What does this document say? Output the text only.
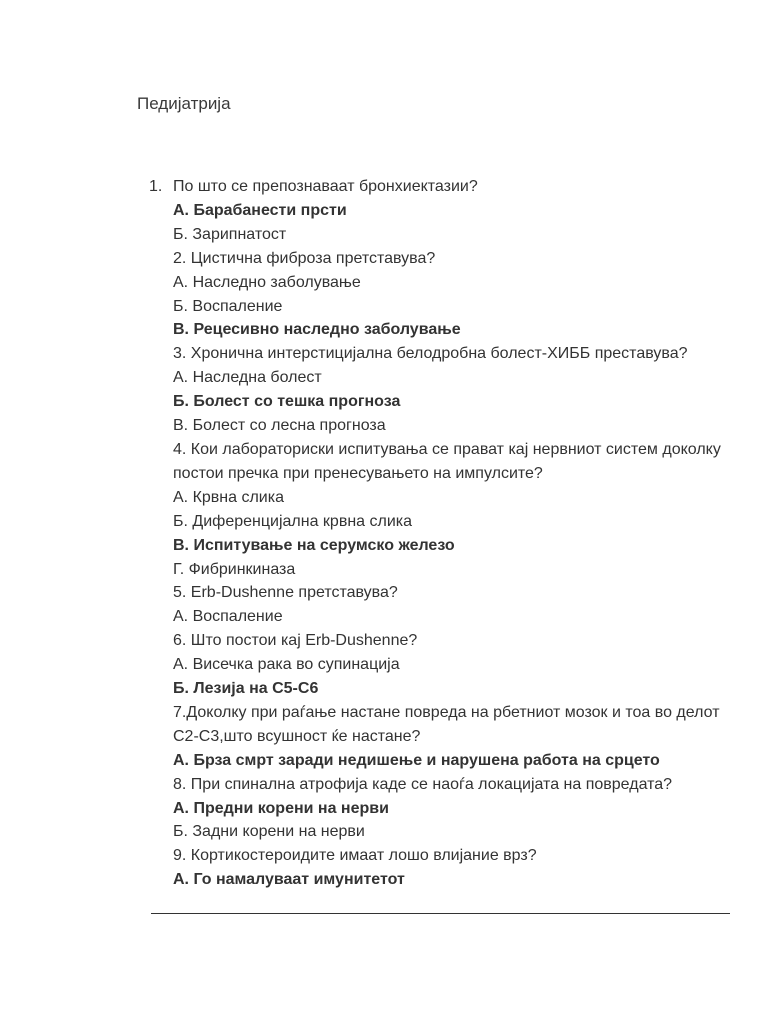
Педијатрија
1. По што се препознаваат бронхиектазии?
А. Барабанести прсти
Б. Зарипнатост
2. Цистична фиброза претставува?
А. Наследно заболување
Б. Воспаление
В. Рецесивно наследно заболување
3. Хронична интерстицијална белодробна болест-ХИББ преставува?
А. Наследна болест
Б. Болест со тешка прогноза
В. Болест со лесна прогноза
4. Кои лабораториски испитувања се прават кај нервниот систем доколку постои пречка при пренесувањето на импулсите?
А. Крвна слика
Б. Диференцијална крвна слика
В. Испитување на серумско железо
Г. Фибринкиназа
5. Erb-Dushenne претставува?
А. Воспаление
6. Што постои кај Erb-Dushenne?
А. Висечка рака во супинација
Б. Лезија на С5-С6
7.Доколку при раѓање настане повреда на рбетниот мозок и тоа во делот С2-С3,што всушност ќе настане?
А. Брза смрт заради недишење и нарушена работа на срцето
8. При спинална атрофија каде се наоѓа локацијата на повредата?
А. Предни корени на нерви
Б. Задни корени на нерви
9. Кортикостероидите имаат лошо влијание врз?
А. Го намалуваат имунитетот
